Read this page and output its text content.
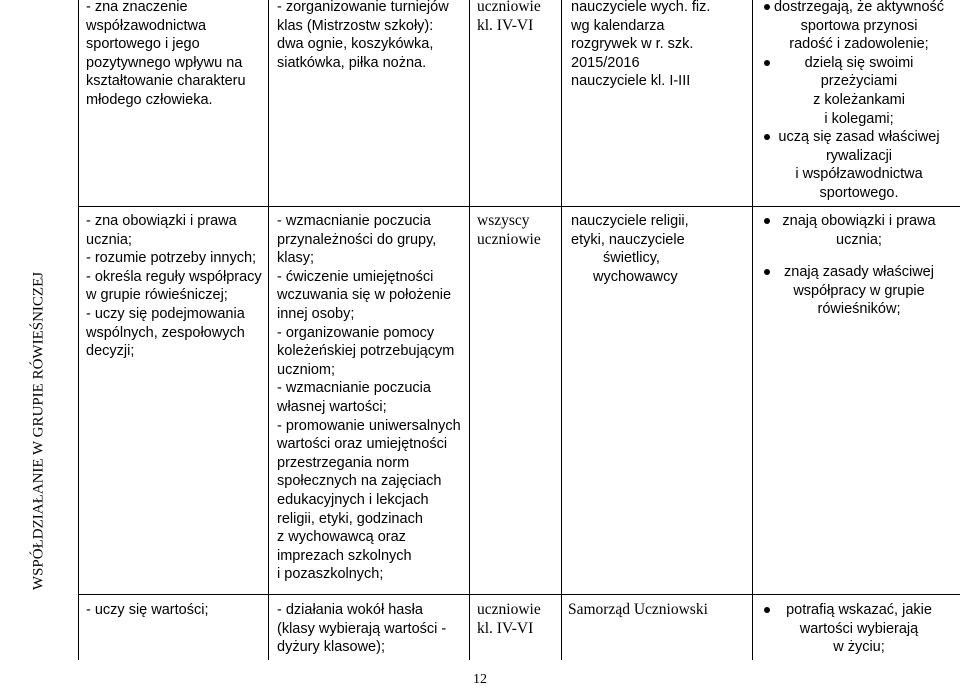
WSPÓŁDZIAŁANIE W GRUPIE RÓWIEŚNICZEJ
- zna znaczenie
współzawodnictwa
sportowego i jego
pozytywnego wpływu na
kształtowanie charakteru
młodego człowieka.
- zorganizowanie turniejów
klas (Mistrzostw szkoły):
dwa ognie, koszykówka,
siatkówka, piłka nożna.
uczniowie
kl. IV-VI
nauczyciele wych. fiz.
wg kalendarza
rozgrywek w r. szk.
2015/2016
nauczyciele kl. I-III
dostrzegają, że aktywność
sportowa przynosi
radość i zadowolenie;
dzielą się swoimi
przeżyciami
z koleżankami
i kolegami;
uczą się zasad właściwej
rywalizacji
i współzawodnictwa
sportowego.
- zna obowiązki i prawa
ucznia;
- rozumie potrzeby innych;
- określa reguły współpracy
w grupie rówieśniczej;
- uczy się podejmowania
wspólnych, zespołowych
decyzji;
- wzmacnianie poczucia
przynależności do grupy,
klasy;
- ćwiczenie umiejętności
wczuwania się w położenie
innej osoby;
- organizowanie pomocy
koleżeńskiej potrzebującym
uczniom;
- wzmacnianie poczucia
własnej wartości;
- promowanie uniwersalnych
wartości oraz umiejętności
przestrzegania norm
społecznych na zajęciach
edukacyjnych i lekcjach
religii, etyki, godzinach
z wychowawcą oraz
imprezach szkolnych
i pozaszkolnych;
wszyscy
uczniowie
nauczyciele religii,
etyki, nauczyciele
świetlicy,
wychowawcy
znają obowiązki i prawa
ucznia;
znają zasady właściwej
współpracy w grupie
rówieśników;
- uczy się wartości;	- działania wokół hasła
(klasy wybierają wartości -
dyżury klasowe);
uczniowie
kl. IV-VI
Samorząd Uczniowski	potrafią wskazać, jakie
wartości wybierają
w życiu;
12
